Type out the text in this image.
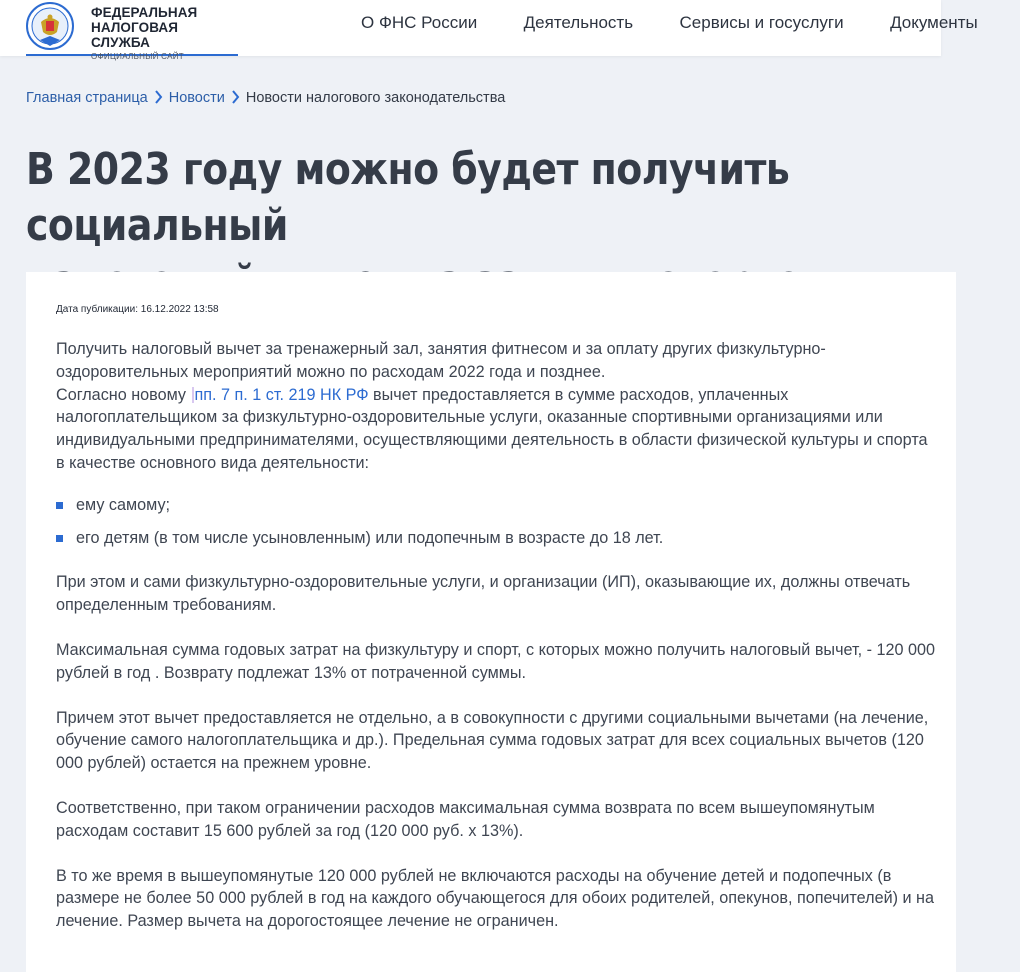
ФЕДЕРАЛЬНАЯ
НАЛОГОВАЯ СЛУЖБА
ОФИЦИАЛЬНЫЙ САЙТ
О ФНС России	Деятельность	Сервисы и госуслуги	Документы
Главная страница Новости Новости налогового законодательства
В 2023 году можно будет получить социальный

Дата публикации: 16.12.2022 13:58

Получить налоговый вычет за тренажерный зал, занятия фитнесом и за оплату других физкультурно-оздоровительных мероприятий можно по расходам 2022 года и позднее.

Согласно новому пп. 7 п. 1 ст. 219 НК РФ вычет предоставляется в сумме расходов, уплаченных налогоплательщиком за физкультурно-оздоровительные услуги, оказанные спортивными организациями или индивидуальными предпринимателями, осуществляющими деятельность в области физической культуры и спорта в качестве основного вида деятельности:

ему самому;
его детям (в том числе усыновленным) или подопечным в возрасте до 18 лет.

При этом и сами физкультурно-оздоровительные услуги, и организации (ИП), оказывающие их, должны отвечать определенным требованиям.

Максимальная сумма годовых затрат на физкультуру и спорт, с которых можно получить налоговый вычет, - 120 000 рублей в год . Возврату подлежат 13% от потраченной суммы.

Причем этот вычет предоставляется не отдельно, а в совокупности с другими социальными вычетами (на лечение, обучение самого налогоплательщика и др.). Предельная сумма годовых затрат для всех социальных вычетов (120 000 рублей) остается на прежнем уровне.

Соответственно, при таком ограничении расходов максимальная сумма возврата по всем вышеупомянутым расходам составит 15 600 рублей за год (120 000 руб. х 13%).

В то же время в вышеупомянутые 120 000 рублей не включаются расходы на обучение детей и подопечных (в размере не более 50 000 рублей в год на каждого обучающегося для обоих родителей, опекунов, попечителей) и на лечение. Размер вычета на дорогостоящее лечение не ограничен.
